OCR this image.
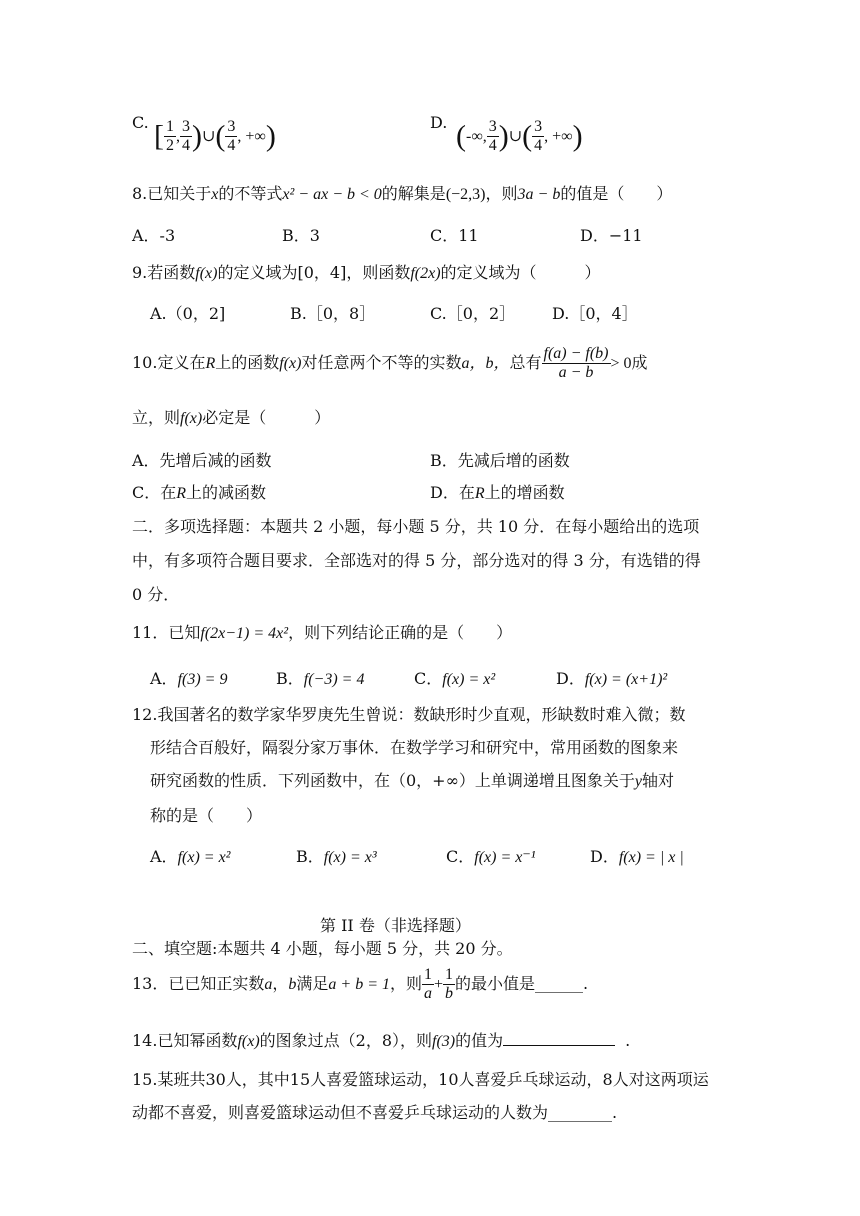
C. [ $\frac{1}{2}$ , $\frac{3}{4}$ )∪( $\frac{3}{4}$ , +∞)	D. (-∞, $\frac{3}{4}$ )∪( $\frac{3}{4}$ , +∞)
8.已知关于x的不等式x² − ax − b < 0的解集是(−2,3)，则3a − b的值是（　　）
A．-3	B．3	C．11	D．−11
9.若函数f(x)的定义域为[0，4]，则函数f(2x)的定义域为（　　　）
A.（0，2]	B.［0，8］	C.［0，2］ D.［0，4］
10.定义在R上的函数f(x)对任意两个不等的实数a，b，总有 $\frac{f(a) - f(b)}{a - b} > 0$成
立，则f(x)必定是（　　　）
A．先增后减的函数	B．先减后增的函数
C．在R上的减函数	D．在R上的增函数
二．多项选择题：本题共 2 小题，每小题 5 分，共 10 分．在每小题给出的选项
中，有多项符合题目要求．全部选对的得 5 分，部分选对的得 3 分，有选错的得
0 分．
11．已知f(2x−1) = 4x²，则下列结论正确的是（　　）
A．f(3) = 9	B．f(−3) = 4	C．f(x) = x²	D．f(x) = (x+1)²
12.我国著名的数学家华罗庚先生曾说：数缺形时少直观，形缺数时难入微；数
形结合百般好，隔裂分家万事休．在数学学习和研究中，常用函数的图象来
研究函数的性质．下列函数中，在（0，+∞）上单调递增且图象关于y轴对
称的是（　　）
A．f(x) = x²	B．f(x) = x³	C．f(x) = x⁻¹	D．f(x) = | x |
第 II 卷（非选择题）
二、填空题:本题共 4 小题，每小题 5 分，共 20 分。
13．已已知正实数a，b满足a + b = 1，则 $\frac{1}{a} + \frac{1}{b}$ 的最小值是______.
14.已知幂函数f(x)的图象过点（2，8），则f(3)的值为	.
15.某班共30人，其中15人喜爱篮球运动，10人喜爱乒乓球运动，8人对这两项运
动都不喜爱，则喜爱篮球运动但不喜爱乒乓球运动的人数为________.
